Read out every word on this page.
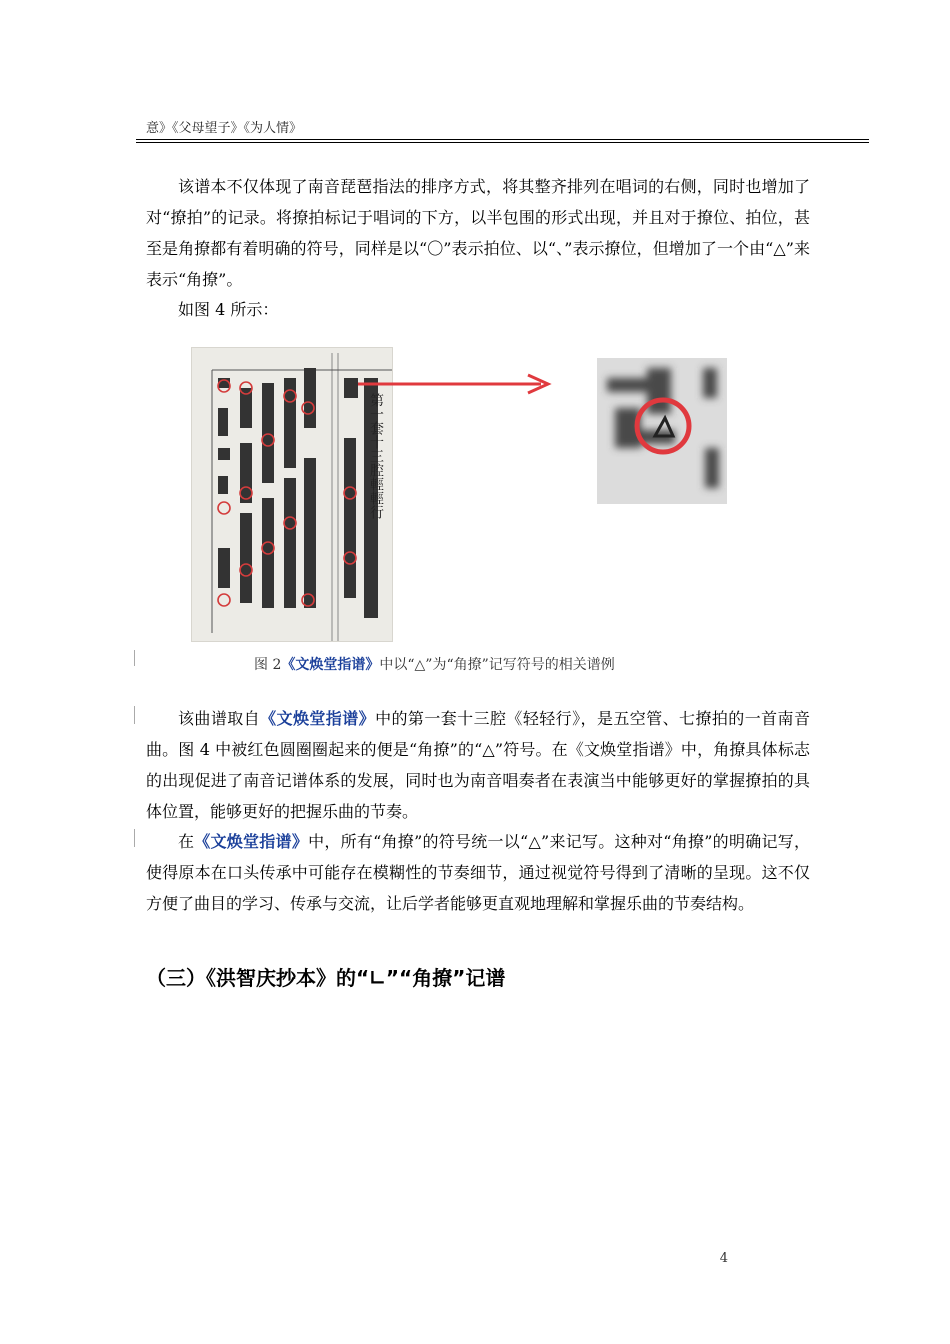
意》《父母望子》《为人情》

该谱本不仅体现了南音琵琶指法的排序方式，将其整齐排列在唱词的右侧，同时也增加了对“撩拍”的记录。将撩拍标记于唱词的下方，以半包围的形式出现，并且对于撩位、拍位，甚至是角撩都有着明确的符号，同样是以“〇”表示拍位、以“、”表示撩位，但增加了一个由“△”来表示“角撩”。

如图 4 所示：

第一套十三腔輕輕行
图 2《文焕堂指谱》中以“△”为“角撩”记写符号的相关谱例

该曲谱取自《文焕堂指谱》中的第一套十三腔《轻轻行》，是五空管、七撩拍的一首南音曲。图 4 中被红色圆圈圈起来的便是“角撩”的“△”符号。在《文焕堂指谱》中，角撩具体标志的出现促进了南音记谱体系的发展，同时也为南音唱奏者在表演当中能够更好的掌握撩拍的具体位置，能够更好的把握乐曲的节奏。

在《文焕堂指谱》中，所有“角撩”的符号统一以“△”来记写。这种对“角撩”的明确记写，使得原本在口头传承中可能存在模糊性的节奏细节，通过视觉符号得到了清晰的呈现。这不仅方便了曲目的学习、传承与交流，让后学者能够更直观地理解和掌握乐曲的节奏结构。

（三）《洪智庆抄本》的“∟”“角撩”记谱
4
